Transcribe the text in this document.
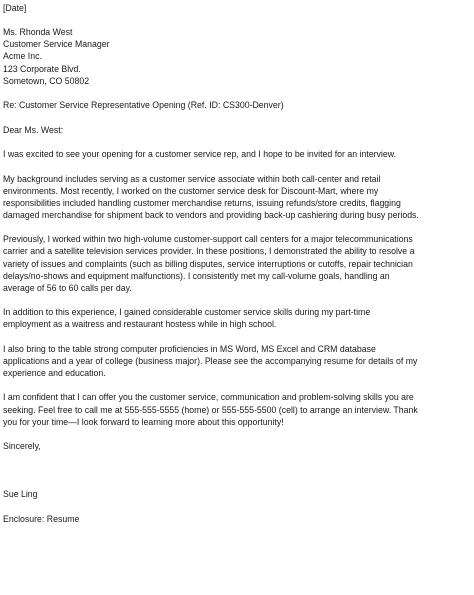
[Date]
Ms. Rhonda West
Customer Service Manager
Acme Inc.
123 Corporate Blvd.
Sometown, CO 50802
Re: Customer Service Representative Opening (Ref. ID: CS300-Denver)
Dear Ms. West:
I was excited to see your opening for a customer service rep, and I hope to be invited for an interview.
My background includes serving as a customer service associate within both call-center and retail
environments. Most recently, I worked on the customer service desk for Discount-Mart, where my
responsibilities included handling customer merchandise returns, issuing refunds/store credits, flagging
damaged merchandise for shipment back to vendors and providing back-up cashiering during busy periods.
Previously, I worked within two high-volume customer-support call centers for a major telecommunications
carrier and a satellite television services provider. In these positions, I demonstrated the ability to resolve a
variety of issues and complaints (such as billing disputes, service interruptions or cutoffs, repair technician
delays/no-shows and equipment malfunctions). I consistently met my call-volume goals, handling an
average of 56 to 60 calls per day.
In addition to this experience, I gained considerable customer service skills during my part-time
employment as a waitress and restaurant hostess while in high school.
I also bring to the table strong computer proficiencies in MS Word, MS Excel and CRM database
applications and a year of college (business major). Please see the accompanying resume for details of my
experience and education.
I am confident that I can offer you the customer service, communication and problem-solving skills you are
seeking. Feel free to call me at 555-555-5555 (home) or 555-555-5500 (cell) to arrange an interview. Thank
you for your time—I look forward to learning more about this opportunity!
Sincerely,
Sue Ling
Enclosure: Resume
